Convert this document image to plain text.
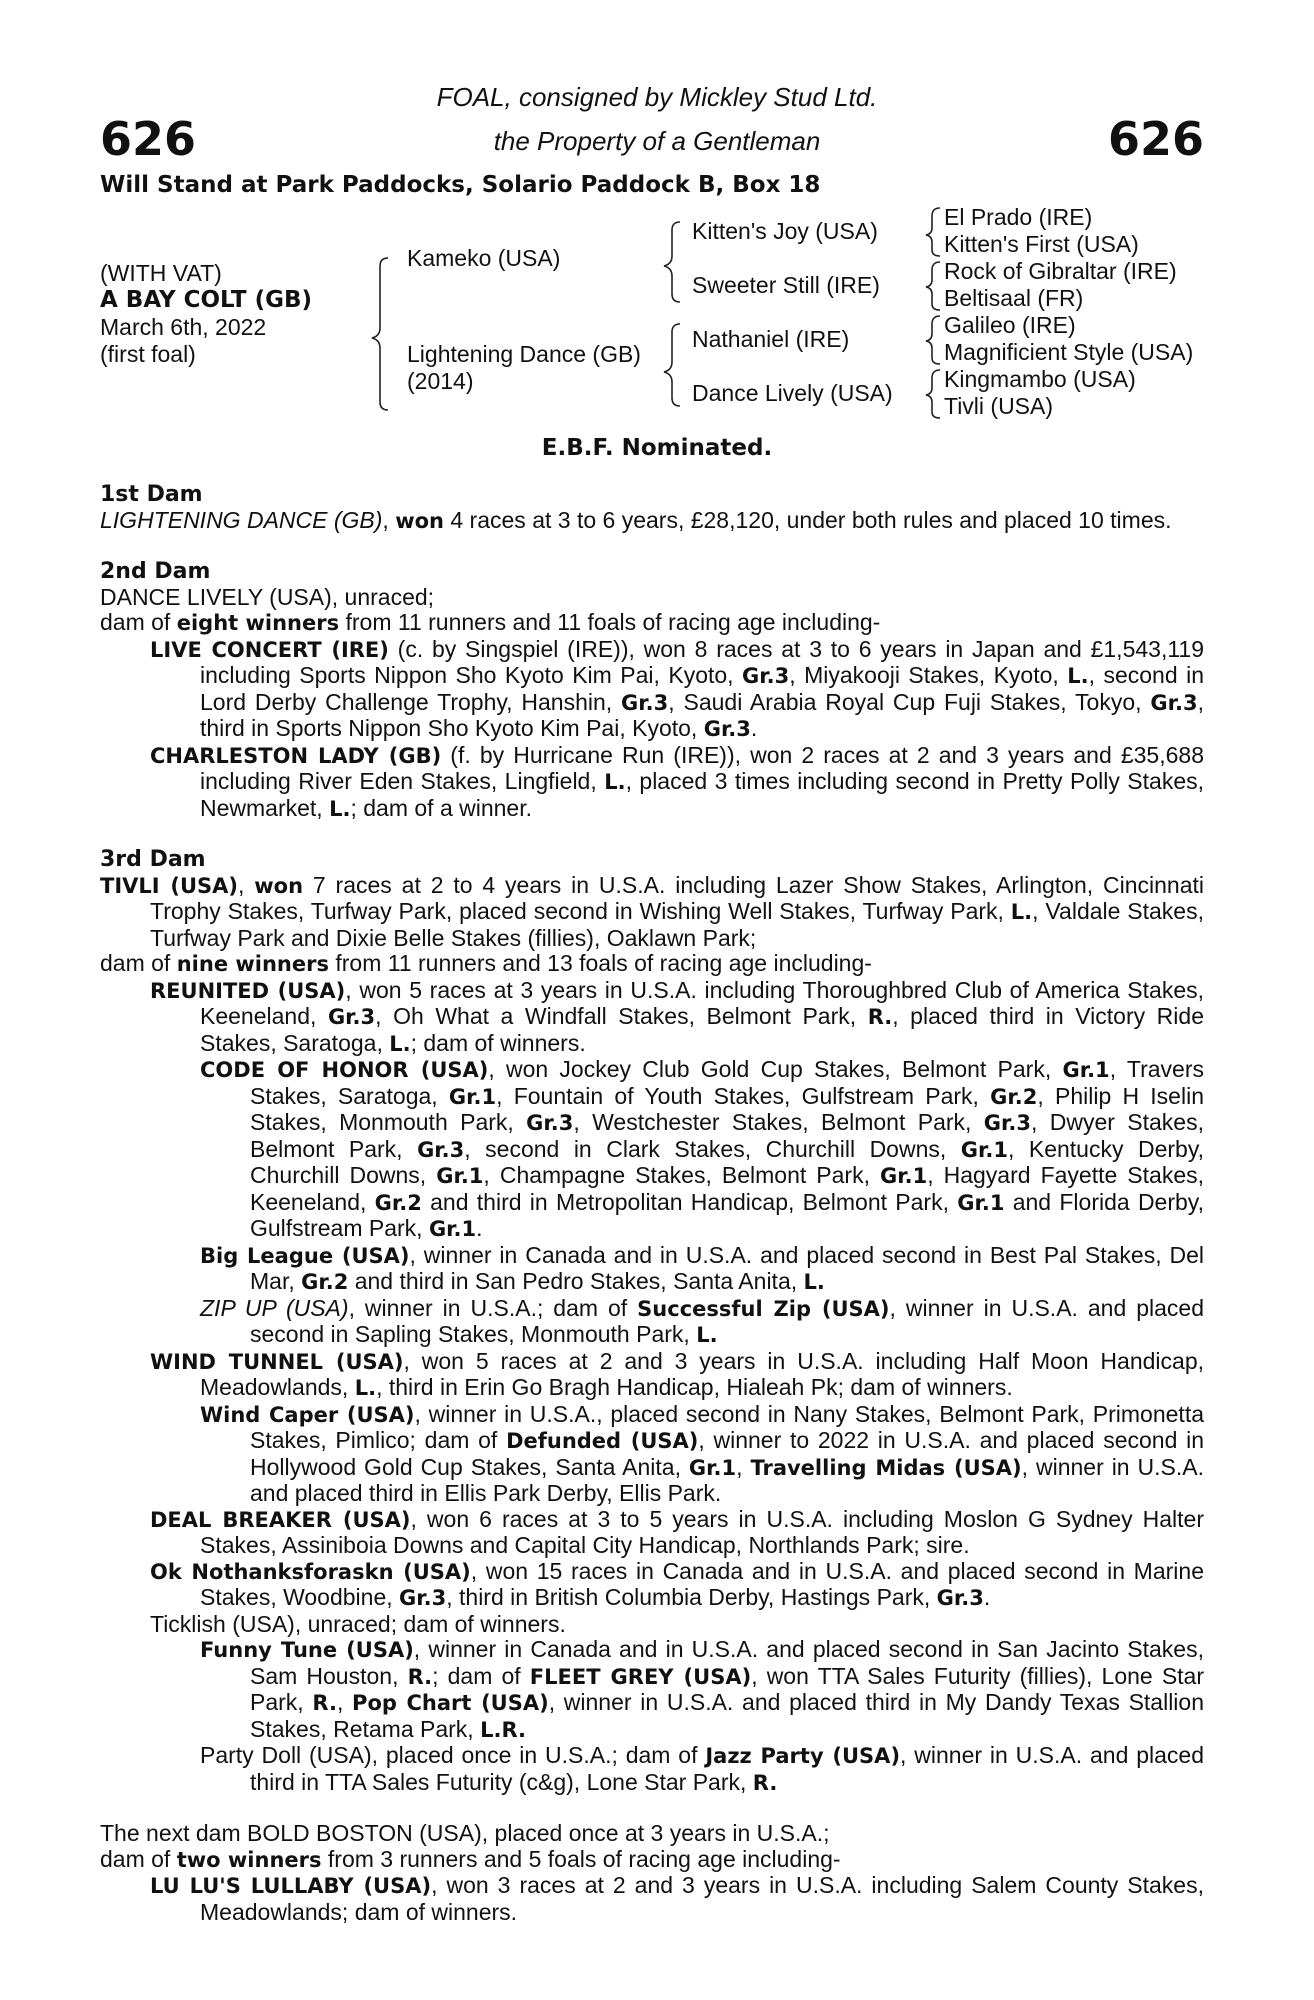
626	626
FOAL, consigned by Mickley Stud Ltd.
the Property of a Gentleman
Will Stand at Park Paddocks, Solario Paddock B, Box 18
(WITH VAT)
A BAY COLT (GB)
March 6th, 2022
(first foal)
Kameko (USA)
Lightening Dance (GB)
(2014)
Kitten's Joy (USA)
Sweeter Still (IRE)
Nathaniel (IRE)
Dance Lively (USA)
El Prado (IRE)
Kitten's First (USA)
Rock of Gibraltar (IRE)
Beltisaal (FR)
Galileo (IRE)
Magnificient Style (USA)
Kingmambo (USA)
Tivli (USA)
E.B.F. Nominated.

1st Dam

LIGHTENING DANCE (GB), won 4 races at 3 to 6 years, £28,120, under both rules and placed 10 times.

2nd Dam

DANCE LIVELY (USA), unraced;

dam of eight winners from 11 runners and 11 foals of racing age including-

LIVE CONCERT (IRE) (c. by Singspiel (IRE)), won 8 races at 3 to 6 years in Japan and £1,543,119 including Sports Nippon Sho Kyoto Kim Pai, Kyoto, Gr.3, Miyakooji Stakes, Kyoto, L., second in Lord Derby Challenge Trophy, Hanshin, Gr.3, Saudi Arabia Royal Cup Fuji Stakes, Tokyo, Gr.3, third in Sports Nippon Sho Kyoto Kim Pai, Kyoto, Gr.3.

CHARLESTON LADY (GB) (f. by Hurricane Run (IRE)), won 2 races at 2 and 3 years and £35,688 including River Eden Stakes, Lingfield, L., placed 3 times including second in Pretty Polly Stakes, Newmarket, L.; dam of a winner.

3rd Dam

TIVLI (USA), won 7 races at 2 to 4 years in U.S.A. including Lazer Show Stakes, Arlington, Cincinnati Trophy Stakes, Turfway Park, placed second in Wishing Well Stakes, Turfway Park, L., Valdale Stakes, Turfway Park and Dixie Belle Stakes (fillies), Oaklawn Park;

dam of nine winners from 11 runners and 13 foals of racing age including-

REUNITED (USA), won 5 races at 3 years in U.S.A. including Thoroughbred Club of America Stakes, Keeneland, Gr.3, Oh What a Windfall Stakes, Belmont Park, R., placed third in Victory Ride Stakes, Saratoga, L.; dam of winners.

CODE OF HONOR (USA), won Jockey Club Gold Cup Stakes, Belmont Park, Gr.1, Travers Stakes, Saratoga, Gr.1, Fountain of Youth Stakes, Gulfstream Park, Gr.2, Philip H Iselin Stakes, Monmouth Park, Gr.3, Westchester Stakes, Belmont Park, Gr.3, Dwyer Stakes, Belmont Park, Gr.3, second in Clark Stakes, Churchill Downs, Gr.1, Kentucky Derby, Churchill Downs, Gr.1, Champagne Stakes, Belmont Park, Gr.1, Hagyard Fayette Stakes, Keeneland, Gr.2 and third in Metropolitan Handicap, Belmont Park, Gr.1 and Florida Derby, Gulfstream Park, Gr.1.

Big League (USA), winner in Canada and in U.S.A. and placed second in Best Pal Stakes, Del Mar, Gr.2 and third in San Pedro Stakes, Santa Anita, L.

ZIP UP (USA), winner in U.S.A.; dam of Successful Zip (USA), winner in U.S.A. and placed second in Sapling Stakes, Monmouth Park, L.

WIND TUNNEL (USA), won 5 races at 2 and 3 years in U.S.A. including Half Moon Handicap, Meadowlands, L., third in Erin Go Bragh Handicap, Hialeah Pk; dam of winners.

Wind Caper (USA), winner in U.S.A., placed second in Nany Stakes, Belmont Park, Primonetta Stakes, Pimlico; dam of Defunded (USA), winner to 2022 in U.S.A. and placed second in Hollywood Gold Cup Stakes, Santa Anita, Gr.1, Travelling Midas (USA), winner in U.S.A. and placed third in Ellis Park Derby, Ellis Park.

DEAL BREAKER (USA), won 6 races at 3 to 5 years in U.S.A. including Moslon G Sydney Halter Stakes, Assiniboia Downs and Capital City Handicap, Northlands Park; sire.

Ok Nothanksforaskn (USA), won 15 races in Canada and in U.S.A. and placed second in Marine Stakes, Woodbine, Gr.3, third in British Columbia Derby, Hastings Park, Gr.3.

Ticklish (USA), unraced; dam of winners.

Funny Tune (USA), winner in Canada and in U.S.A. and placed second in San Jacinto Stakes, Sam Houston, R.; dam of FLEET GREY (USA), won TTA Sales Futurity (fillies), Lone Star Park, R., Pop Chart (USA), winner in U.S.A. and placed third in My Dandy Texas Stallion Stakes, Retama Park, L.R.

Party Doll (USA), placed once in U.S.A.; dam of Jazz Party (USA), winner in U.S.A. and placed third in TTA Sales Futurity (c&g), Lone Star Park, R.

The next dam BOLD BOSTON (USA), placed once at 3 years in U.S.A.;

dam of two winners from 3 runners and 5 foals of racing age including-

LU LU'S LULLABY (USA), won 3 races at 2 and 3 years in U.S.A. including Salem County Stakes, Meadowlands; dam of winners.
